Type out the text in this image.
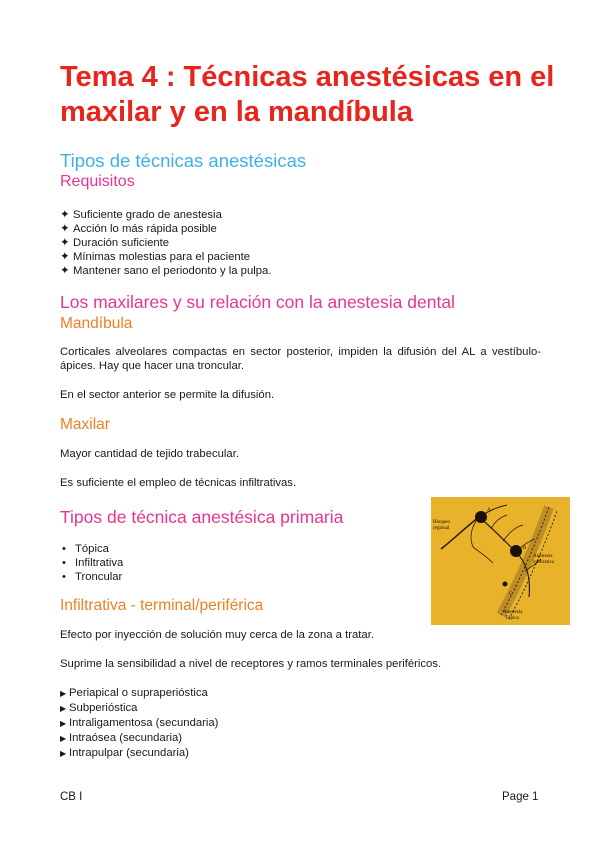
Tema 4 : Técnicas anestésicas en el maxilar y en la mandíbula
Tipos de técnicas anestésicas
Requisitos
✦ Suficiente grado de anestesia
✦ Acción lo más rápida posible
✦ Duración suficiente
✦ Mínimas molestias para el paciente
✦ Mantener sano el periodonto y la pulpa.
Los maxilares y su relación con la anestesia dental
Mandíbula
Corticales alveolares compactas en sector posterior, impiden la difusión del AL a vestíbulo-ápices. Hay que hacer una troncular.
En el sector anterior se permite la difusión.
Maxilar
Mayor cantidad de tejido trabecular.
Es suficiente el empleo de técnicas infiltrativas.
Tipos de técnica anestésica primaria
• Tópica
• Infiltrativa
• Troncular
Infiltrativa - terminal/periférica
Efecto por inyección de solución muy cerca de la zona a tratar.
Suprime la sensibilidad a nivel de receptores y ramos terminales periféricos.
▶ Periapical o supraperióstica
▶ Subperióstica
▶ Intraligamentosa (secundaria)
▶ Intraósea (secundaria)
▶ Intrapulpar (secundaria)
A
B
C
Bloqueo regional
Anestesia infiltrativa
Anestesia Tópica
CB I	Page 1
